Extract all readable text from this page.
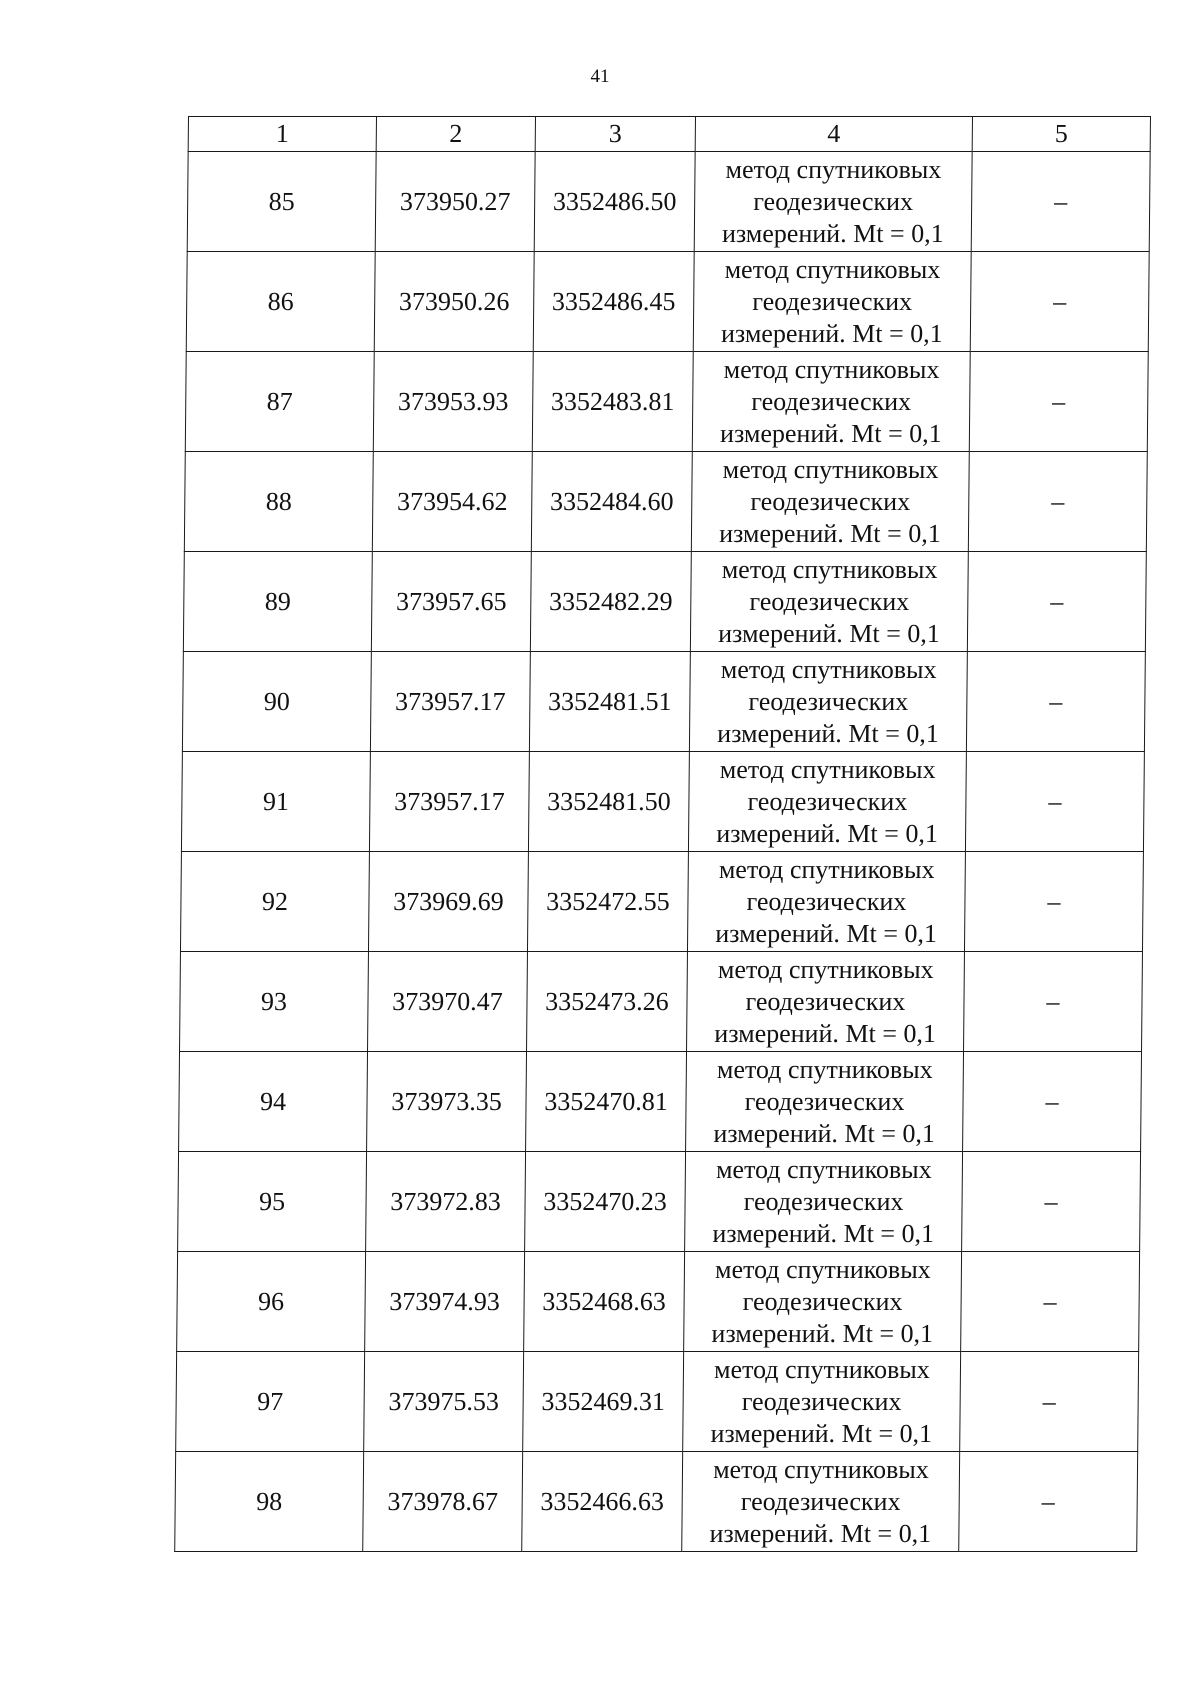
41
1	2	3	4	5
85	373950.27	3352486.50	метод спутниковых
геодезических
измерений. Mt = 0,1	–
86	373950.26	3352486.45	метод спутниковых
геодезических
измерений. Mt = 0,1	–
87	373953.93	3352483.81	метод спутниковых
геодезических
измерений. Mt = 0,1	–
88	373954.62	3352484.60	метод спутниковых
геодезических
измерений. Mt = 0,1	–
89	373957.65	3352482.29	метод спутниковых
геодезических
измерений. Mt = 0,1	–
90	373957.17	3352481.51	метод спутниковых
геодезических
измерений. Mt = 0,1	–
91	373957.17	3352481.50	метод спутниковых
геодезических
измерений. Mt = 0,1	–
92	373969.69	3352472.55	метод спутниковых
геодезических
измерений. Mt = 0,1	–
93	373970.47	3352473.26	метод спутниковых
геодезических
измерений. Mt = 0,1	–
94	373973.35	3352470.81	метод спутниковых
геодезических
измерений. Mt = 0,1	–
95	373972.83	3352470.23	метод спутниковых
геодезических
измерений. Mt = 0,1	–
96	373974.93	3352468.63	метод спутниковых
геодезических
измерений. Mt = 0,1	–
97	373975.53	3352469.31	метод спутниковых
геодезических
измерений. Mt = 0,1	–
98	373978.67	3352466.63	метод спутниковых
геодезических
измерений. Mt = 0,1	–
